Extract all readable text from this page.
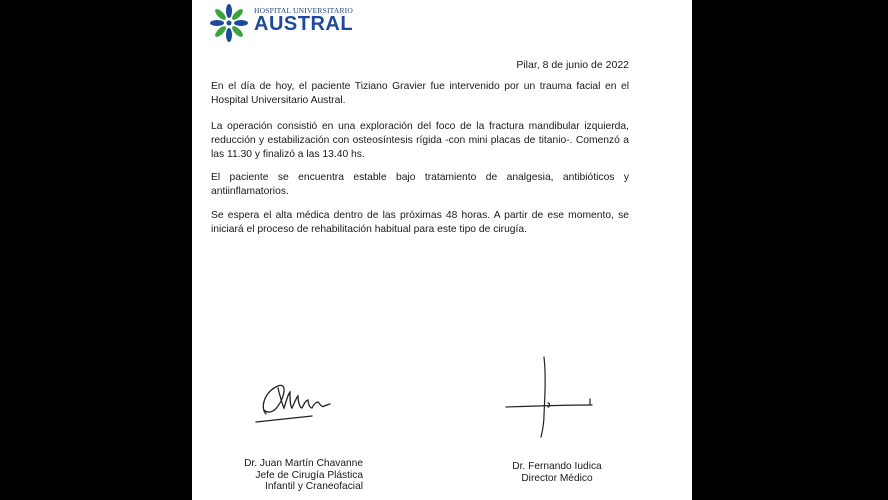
HOSPITAL UNIVERSITARIO
AUSTRAL
Pilar, 8 de junio de 2022
En el día de hoy, el paciente Tiziano Gravier fue intervenido por un trauma facial en el Hospital Universitario Austral.
La operación consistió en una exploración del foco de la fractura mandibular izquierda, reducción y estabilización con osteosíntesis rígida -con mini placas de titanio-. Comenzó a las 11.30 y finalizó a las 13.40 hs.
El paciente se encuentra estable bajo tratamiento de analgesia, antibióticos y antiinflamatorios.
Se espera el alta médica dentro de las próximas 48 horas. A partir de ese momento, se iniciará el proceso de rehabilitación habitual para este tipo de cirugía.
Dr. Juan Martín Chavanne
Jefe de Cirugía Plástica
Infantil y Craneofacial
Dr. Fernando Iudica
Director Médico
